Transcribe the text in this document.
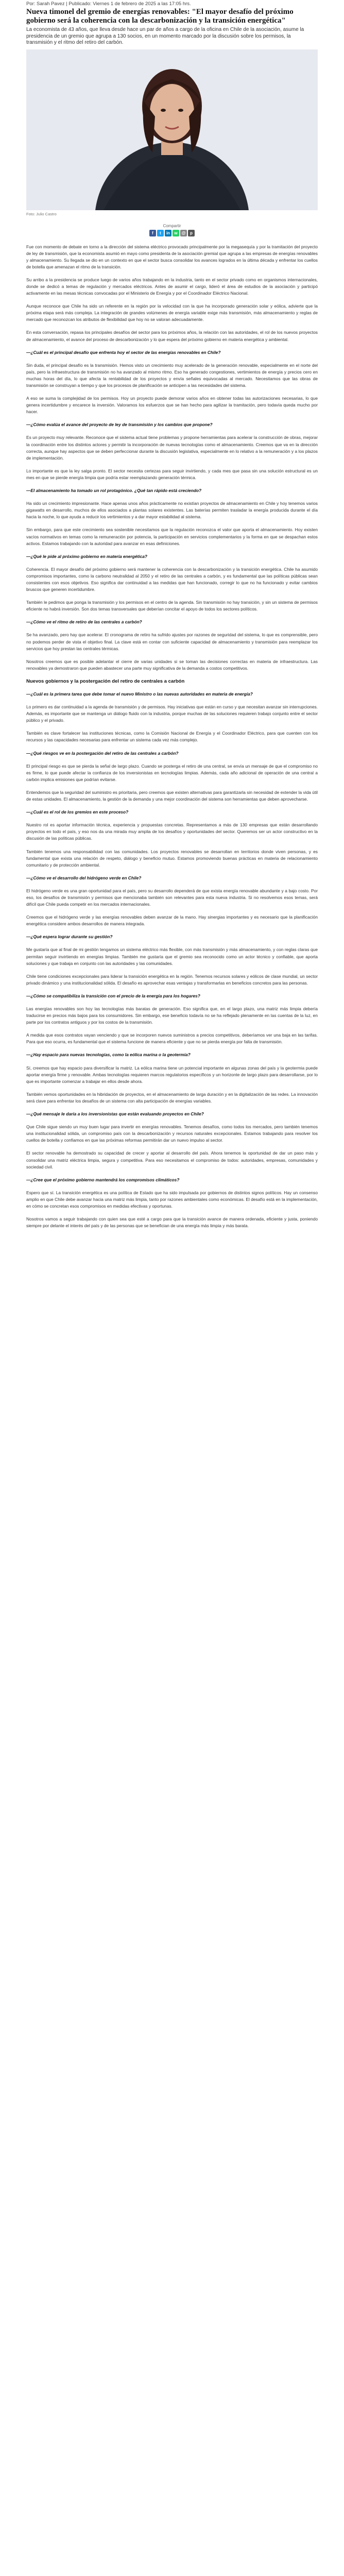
Por: Sarah Pavez | Publicado: Viernes 1 de febrero de 2025 a las 17:05 hrs.
Nueva timonel del gremio de energías renovables: "El mayor desafío del próximo gobierno será la coherencia con la descarbonización y la transición energética"

La economista de 43 años, que lleva desde hace un par de años a cargo de la oficina en Chile de la asociación, asume la presidencia de un gremio que agrupa a 130 socios, en un momento marcado por la discusión sobre los permisos, la transmisión y el ritmo del retiro del carbón.

Foto: Julio Castro
Compartir
f	t	in	w @	p

Fue con momento de debate en torno a la dirección del sistema eléctrico provocado principalmente por la megasequía y por la tramitación del proyecto de ley de transmisión, que la economista asumió en mayo como presidenta de la asociación gremial que agrupa a las empresas de energías renovables y almacenamiento. Su llegada se dio en un contexto en que el sector busca consolidar los avances logrados en la última década y enfrentar los cuellos de botella que amenazan el ritmo de la transición.

Su arribo a la presidencia se produce luego de varios años trabajando en la industria, tanto en el sector privado como en organismos internacionales, donde se dedicó a temas de regulación y mercados eléctricos. Antes de asumir el cargo, lideró el área de estudios de la asociación y participó activamente en las mesas técnicas convocadas por el Ministerio de Energía y por el Coordinador Eléctrico Nacional.

Aunque reconoce que Chile ha sido un referente en la región por la velocidad con la que ha incorporado generación solar y eólica, advierte que la próxima etapa será más compleja. La integración de grandes volúmenes de energía variable exige más transmisión, más almacenamiento y reglas de mercado que reconozcan los atributos de flexibilidad que hoy no se valoran adecuadamente.

En esta conversación, repasa los principales desafíos del sector para los próximos años, la relación con las autoridades, el rol de los nuevos proyectos de almacenamiento, el avance del proceso de descarbonización y lo que espera del próximo gobierno en materia energética y ambiental.

—¿Cuál es el principal desafío que enfrenta hoy el sector de las energías renovables en Chile?

Sin duda, el principal desafío es la transmisión. Hemos visto un crecimiento muy acelerado de la generación renovable, especialmente en el norte del país, pero la infraestructura de transmisión no ha avanzado al mismo ritmo. Eso ha generado congestiones, vertimientos de energía y precios cero en muchas horas del día, lo que afecta la rentabilidad de los proyectos y envía señales equivocadas al mercado. Necesitamos que las obras de transmisión se construyan a tiempo y que los procesos de planificación se anticipen a las necesidades del sistema.

A eso se suma la complejidad de los permisos. Hoy un proyecto puede demorar varios años en obtener todas las autorizaciones necesarias, lo que genera incertidumbre y encarece la inversión. Valoramos los esfuerzos que se han hecho para agilizar la tramitación, pero todavía queda mucho por hacer.

—¿Cómo evalúa el avance del proyecto de ley de transmisión y los cambios que propone?

Es un proyecto muy relevante. Reconoce que el sistema actual tiene problemas y propone herramientas para acelerar la construcción de obras, mejorar la coordinación entre los distintos actores y permitir la incorporación de nuevas tecnologías como el almacenamiento. Creemos que va en la dirección correcta, aunque hay aspectos que se deben perfeccionar durante la discusión legislativa, especialmente en lo relativo a la remuneración y a los plazos de implementación.

Lo importante es que la ley salga pronto. El sector necesita certezas para seguir invirtiendo, y cada mes que pasa sin una solución estructural es un mes en que se pierde energía limpia que podría estar reemplazando generación térmica.

—El almacenamiento ha tomado un rol protagónico. ¿Qué tan rápido está creciendo?

Ha sido un crecimiento impresionante. Hace apenas unos años prácticamente no existían proyectos de almacenamiento en Chile y hoy tenemos varios gigawatts en desarrollo, muchos de ellos asociados a plantas solares existentes. Las baterías permiten trasladar la energía producida durante el día hacia la noche, lo que ayuda a reducir los vertimientos y a dar mayor estabilidad al sistema.

Sin embargo, para que este crecimiento sea sostenible necesitamos que la regulación reconozca el valor que aporta el almacenamiento. Hoy existen vacíos normativos en temas como la remuneración por potencia, la participación en servicios complementarios y la forma en que se despachan estos activos. Estamos trabajando con la autoridad para avanzar en esas definiciones.

—¿Qué le pide al próximo gobierno en materia energética?

Coherencia. El mayor desafío del próximo gobierno será mantener la coherencia con la descarbonización y la transición energética. Chile ha asumido compromisos importantes, como la carbono neutralidad al 2050 y el retiro de las centrales a carbón, y es fundamental que las políticas públicas sean consistentes con esos objetivos. Eso significa dar continuidad a las medidas que han funcionado, corregir lo que no ha funcionado y evitar cambios bruscos que generen incertidumbre.

También le pedimos que ponga la transmisión y los permisos en el centro de la agenda. Sin transmisión no hay transición, y sin un sistema de permisos eficiente no habrá inversión. Son dos temas transversales que deberían concitar el apoyo de todos los sectores políticos.

—¿Cómo ve el ritmo de retiro de las centrales a carbón?

Se ha avanzado, pero hay que acelerar. El cronograma de retiro ha sufrido ajustes por razones de seguridad del sistema, lo que es comprensible, pero no podemos perder de vista el objetivo final. La clave está en contar con suficiente capacidad de almacenamiento y transmisión para reemplazar los servicios que hoy prestan las centrales térmicas.

Nosotros creemos que es posible adelantar el cierre de varias unidades si se toman las decisiones correctas en materia de infraestructura. Las renovables ya demostraron que pueden abastecer una parte muy significativa de la demanda a costos competitivos.

Nuevos gobiernos y la postergación del retiro de centrales a carbón

—¿Cuál es la primera tarea que debe tomar el nuevo Ministro o las nuevas autoridades en materia de energía?

Lo primero es dar continuidad a la agenda de transmisión y de permisos. Hay iniciativas que están en curso y que necesitan avanzar sin interrupciones. Además, es importante que se mantenga un diálogo fluido con la industria, porque muchas de las soluciones requieren trabajo conjunto entre el sector público y el privado.

También es clave fortalecer las instituciones técnicas, como la Comisión Nacional de Energía y el Coordinador Eléctrico, para que cuenten con los recursos y las capacidades necesarias para enfrentar un sistema cada vez más complejo.

—¿Qué riesgos ve en la postergación del retiro de las centrales a carbón?

El principal riesgo es que se pierda la señal de largo plazo. Cuando se posterga el retiro de una central, se envía un mensaje de que el compromiso no es firme, lo que puede afectar la confianza de los inversionistas en tecnologías limpias. Además, cada año adicional de operación de una central a carbón implica emisiones que podrían evitarse.

Entendemos que la seguridad del suministro es prioritaria, pero creemos que existen alternativas para garantizarla sin necesidad de extender la vida útil de estas unidades. El almacenamiento, la gestión de la demanda y una mejor coordinación del sistema son herramientas que deben aprovecharse.

—¿Cuál es el rol de los gremios en este proceso?

Nuestro rol es aportar información técnica, experiencia y propuestas concretas. Representamos a más de 130 empresas que están desarrollando proyectos en todo el país, y eso nos da una mirada muy amplia de los desafíos y oportunidades del sector. Queremos ser un actor constructivo en la discusión de las políticas públicas.

También tenemos una responsabilidad con las comunidades. Los proyectos renovables se desarrollan en territorios donde viven personas, y es fundamental que exista una relación de respeto, diálogo y beneficio mutuo. Estamos promoviendo buenas prácticas en materia de relacionamiento comunitario y de protección ambiental.

—¿Cómo ve el desarrollo del hidrógeno verde en Chile?

El hidrógeno verde es una gran oportunidad para el país, pero su desarrollo dependerá de que exista energía renovable abundante y a bajo costo. Por eso, los desafíos de transmisión y permisos que mencionaba también son relevantes para esta nueva industria. Si no resolvemos esos temas, será difícil que Chile pueda competir en los mercados internacionales.

Creemos que el hidrógeno verde y las energías renovables deben avanzar de la mano. Hay sinergias importantes y es necesario que la planificación energética considere ambos desarrollos de manera integrada.

—¿Qué espera lograr durante su gestión?

Me gustaría que al final de mi gestión tengamos un sistema eléctrico más flexible, con más transmisión y más almacenamiento, y con reglas claras que permitan seguir invirtiendo en energías limpias. También me gustaría que el gremio sea reconocido como un actor técnico y confiable, que aporta soluciones y que trabaja en conjunto con las autoridades y las comunidades.

Chile tiene condiciones excepcionales para liderar la transición energética en la región. Tenemos recursos solares y eólicos de clase mundial, un sector privado dinámico y una institucionalidad sólida. El desafío es aprovechar esas ventajas y transformarlas en beneficios concretos para las personas.

—¿Cómo se compatibiliza la transición con el precio de la energía para los hogares?

Las energías renovables son hoy las tecnologías más baratas de generación. Eso significa que, en el largo plazo, una matriz más limpia debería traducirse en precios más bajos para los consumidores. Sin embargo, ese beneficio todavía no se ha reflejado plenamente en las cuentas de la luz, en parte por los contratos antiguos y por los costos de la transmisión.

A medida que esos contratos vayan venciendo y que se incorporen nuevos suministros a precios competitivos, deberíamos ver una baja en las tarifas. Para que eso ocurra, es fundamental que el sistema funcione de manera eficiente y que no se pierda energía por falta de transmisión.

—¿Hay espacio para nuevas tecnologías, como la eólica marina o la geotermia?

Sí, creemos que hay espacio para diversificar la matriz. La eólica marina tiene un potencial importante en algunas zonas del país y la geotermia puede aportar energía firme y renovable. Ambas tecnologías requieren marcos regulatorios específicos y un horizonte de largo plazo para desarrollarse, por lo que es importante comenzar a trabajar en ellos desde ahora.

También vemos oportunidades en la hibridación de proyectos, en el almacenamiento de larga duración y en la digitalización de las redes. La innovación será clave para enfrentar los desafíos de un sistema con alta participación de energías variables.

—¿Qué mensaje le daría a los inversionistas que están evaluando proyectos en Chile?

Que Chile sigue siendo un muy buen lugar para invertir en energías renovables. Tenemos desafíos, como todos los mercados, pero también tenemos una institucionalidad sólida, un compromiso país con la descarbonización y recursos naturales excepcionales. Estamos trabajando para resolver los cuellos de botella y confiamos en que las próximas reformas permitirán dar un nuevo impulso al sector.

El sector renovable ha demostrado su capacidad de crecer y aportar al desarrollo del país. Ahora tenemos la oportunidad de dar un paso más y consolidar una matriz eléctrica limpia, segura y competitiva. Para eso necesitamos el compromiso de todos: autoridades, empresas, comunidades y sociedad civil.

—¿Cree que el próximo gobierno mantendrá los compromisos climáticos?

Espero que sí. La transición energética es una política de Estado que ha sido impulsada por gobiernos de distintos signos políticos. Hay un consenso amplio en que Chile debe avanzar hacia una matriz más limpia, tanto por razones ambientales como económicas. El desafío está en la implementación, en cómo se concretan esos compromisos en medidas efectivas y oportunas.

Nosotros vamos a seguir trabajando con quien sea que esté a cargo para que la transición avance de manera ordenada, eficiente y justa, poniendo siempre por delante el interés del país y de las personas que se benefician de una energía más limpia y más barata.
